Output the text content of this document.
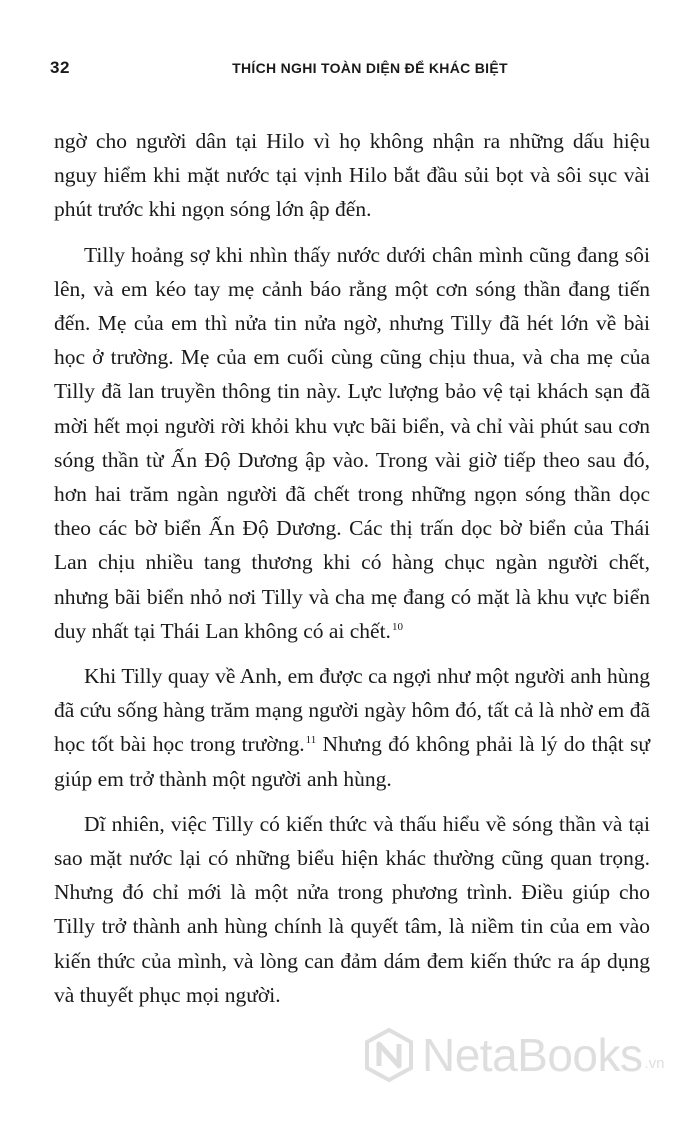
32	THÍCH NGHI TOÀN DIỆN ĐỂ KHÁC BIỆT

ngờ cho người dân tại Hilo vì họ không nhận ra những dấu hiệu nguy hiểm khi mặt nước tại vịnh Hilo bắt đầu sủi bọt và sôi sục vài phút trước khi ngọn sóng lớn ập đến.

Tilly hoảng sợ khi nhìn thấy nước dưới chân mình cũng đang sôi lên, và em kéo tay mẹ cảnh báo rằng một cơn sóng thần đang tiến đến. Mẹ của em thì nửa tin nửa ngờ, nhưng Tilly đã hét lớn về bài học ở trường. Mẹ của em cuối cùng cũng chịu thua, và cha mẹ của Tilly đã lan truyền thông tin này. Lực lượng bảo vệ tại khách sạn đã mời hết mọi người rời khỏi khu vực bãi biển, và chỉ vài phút sau cơn sóng thần từ Ấn Độ Dương ập vào. Trong vài giờ tiếp theo sau đó, hơn hai trăm ngàn người đã chết trong những ngọn sóng thần dọc theo các bờ biển Ấn Độ Dương. Các thị trấn dọc bờ biển của Thái Lan chịu nhiều tang thương khi có hàng chục ngàn người chết, nhưng bãi biển nhỏ nơi Tilly và cha mẹ đang có mặt là khu vực biển duy nhất tại Thái Lan không có ai chết.$^{10}$

Khi Tilly quay về Anh, em được ca ngợi như một người anh hùng đã cứu sống hàng trăm mạng người ngày hôm đó, tất cả là nhờ em đã học tốt bài học trong trường.$^{11}$ Nhưng đó không phải là lý do thật sự giúp em trở thành một người anh hùng.

Dĩ nhiên, việc Tilly có kiến thức và thấu hiểu về sóng thần và tại sao mặt nước lại có những biểu hiện khác thường cũng quan trọng. Nhưng đó chỉ mới là một nửa trong phương trình. Điều giúp cho Tilly trở thành anh hùng chính là quyết tâm, là niềm tin của em vào kiến thức của mình, và lòng can đảm dám đem kiến thức ra áp dụng và thuyết phục mọi người.

NetaBooks .vn
